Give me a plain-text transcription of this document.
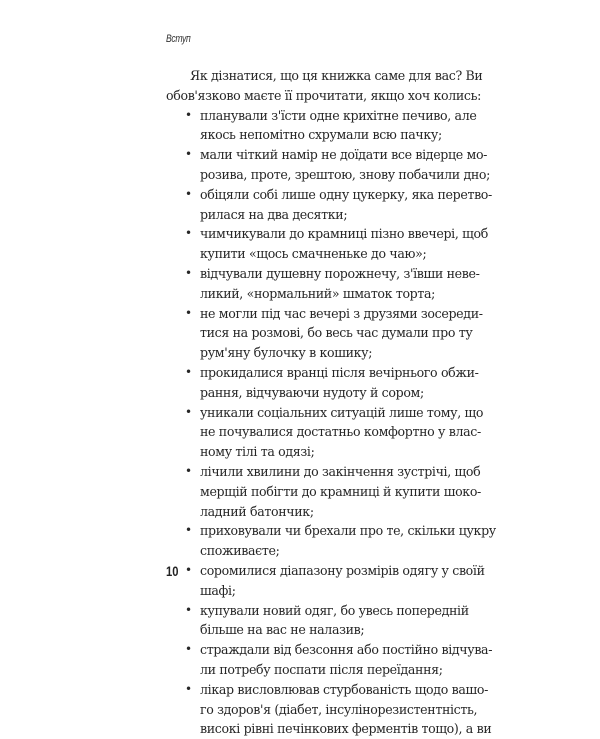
Вступ
Як дізнатися, що ця книжка саме для вас? Ви
обов'язково маєте її прочитати, якщо хоч колись:
• планували з'їсти одне крихітне печиво, але
якось непомітно схрумали всю пачку;
• мали чіткий намір не доїдати все відерце мо-
розива, проте, зрештою, знову побачили дно;
• обіцяли собі лише одну цукерку, яка перетво-
рилася на два десятки;
• чимчикували до крамниці пізно ввечері, щоб
купити «щось смачненьке до чаю»;
• відчували душевну порожнечу, з'ївши неве-
ликий, «нормальний» шматок торта;
• не могли під час вечері з друзями зосереди-
тися на розмові, бо весь час думали про ту
рум'яну булочку в кошику;
• прокидалися вранці після вечірнього обжи-
рання, відчуваючи нудоту й сором;
• уникали соціальних ситуацій лише тому, що
не почувалися достатньо комфортно у влас-
ному тілі та одязі;
• лічили хвилини до закінчення зустрічі, щоб
мерщій побігти до крамниці й купити шоко-
ладний батончик;
• приховували чи брехали про те, скільки цукру
споживаєте;
• соромилися діапазону розмірів одягу у своїй
шафі;
• купували новий одяг, бо увесь попередній
більше на вас не налазив;
• страждали від безсоння або постійно відчува-
ли потребу поспати після переїдання;
• лікар висловлював стурбованість щодо вашо-
го здоров'я (діабет, інсулінорезистентність,
високі рівні печінкових ферментів тощо), а ви
10
